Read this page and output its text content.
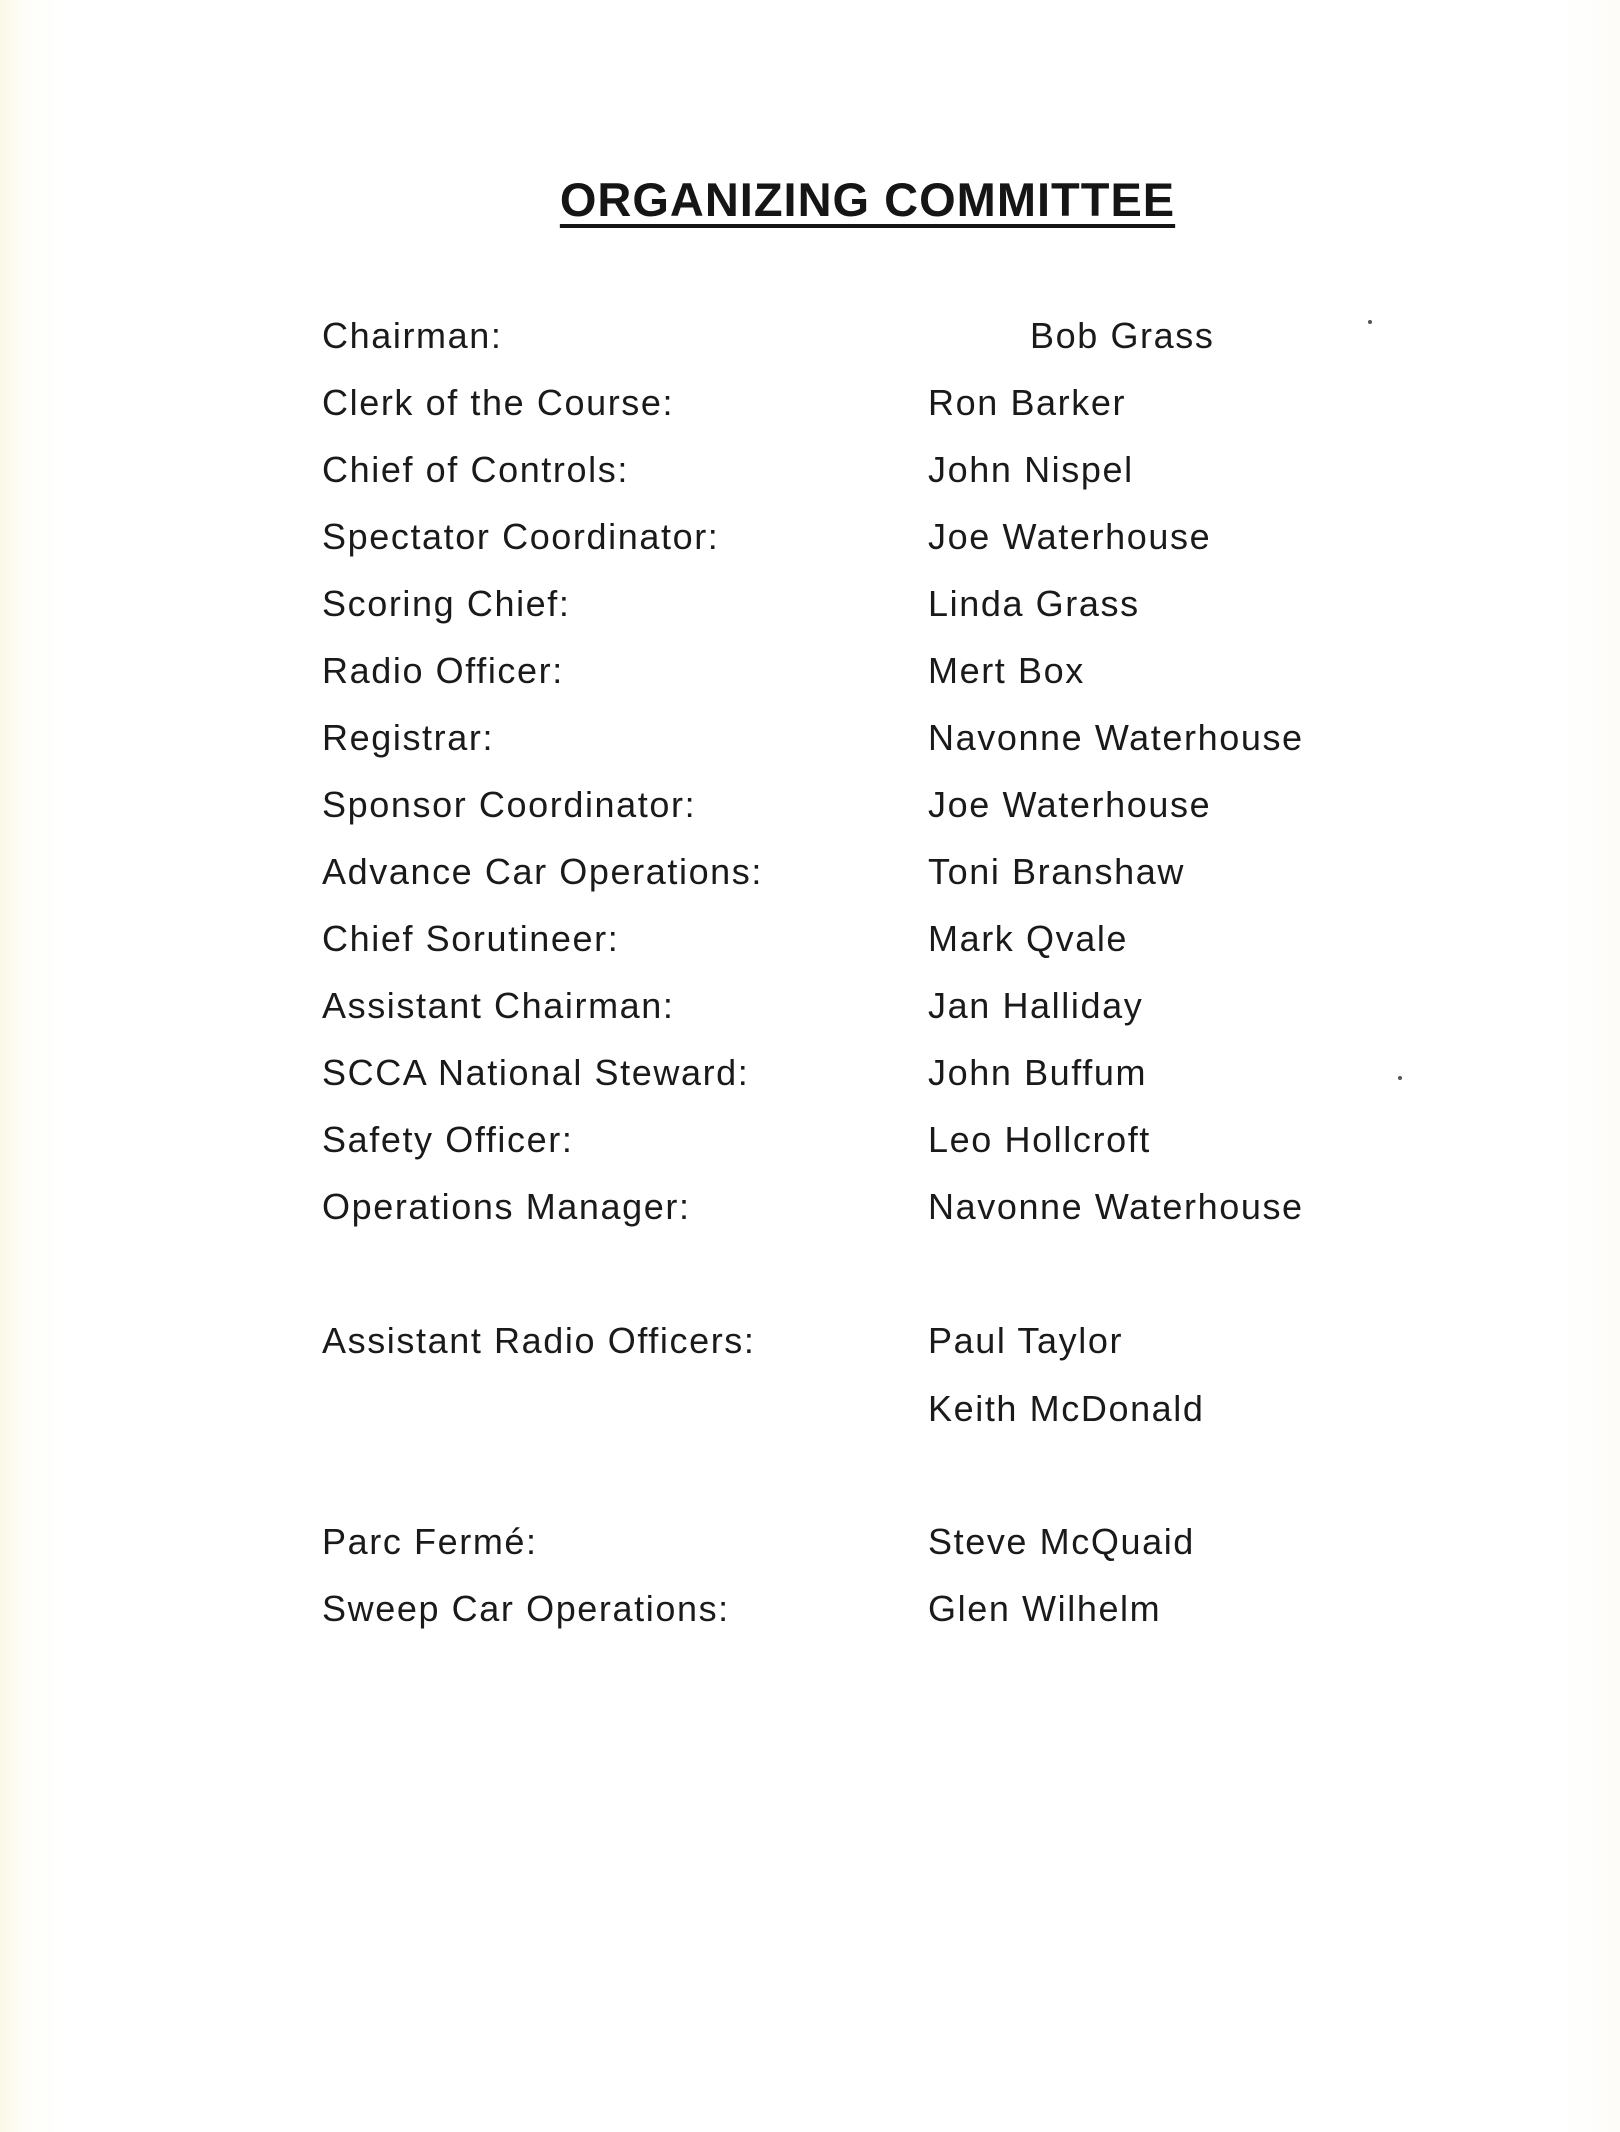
ORGANIZING COMMITTEE
Chairman:	Bob Grass
Clerk of the Course:	Ron Barker
Chief of Controls:	John Nispel
Spectator Coordinator:	Joe Waterhouse
Scoring Chief:	Linda Grass
Radio Officer:	Mert Box
Registrar:	Navonne Waterhouse
Sponsor Coordinator:	Joe Waterhouse
Advance Car Operations:	Toni Branshaw
Chief Sorutineer:	Mark Qvale
Assistant Chairman:	Jan Halliday
SCCA National Steward:	John Buffum
Safety Officer:	Leo Hollcroft
Operations Manager:	Navonne Waterhouse
Assistant Radio Officers:	Paul Taylor
Keith McDonald
Parc Fermé:	Steve McQuaid
Sweep Car Operations:	Glen Wilhelm
